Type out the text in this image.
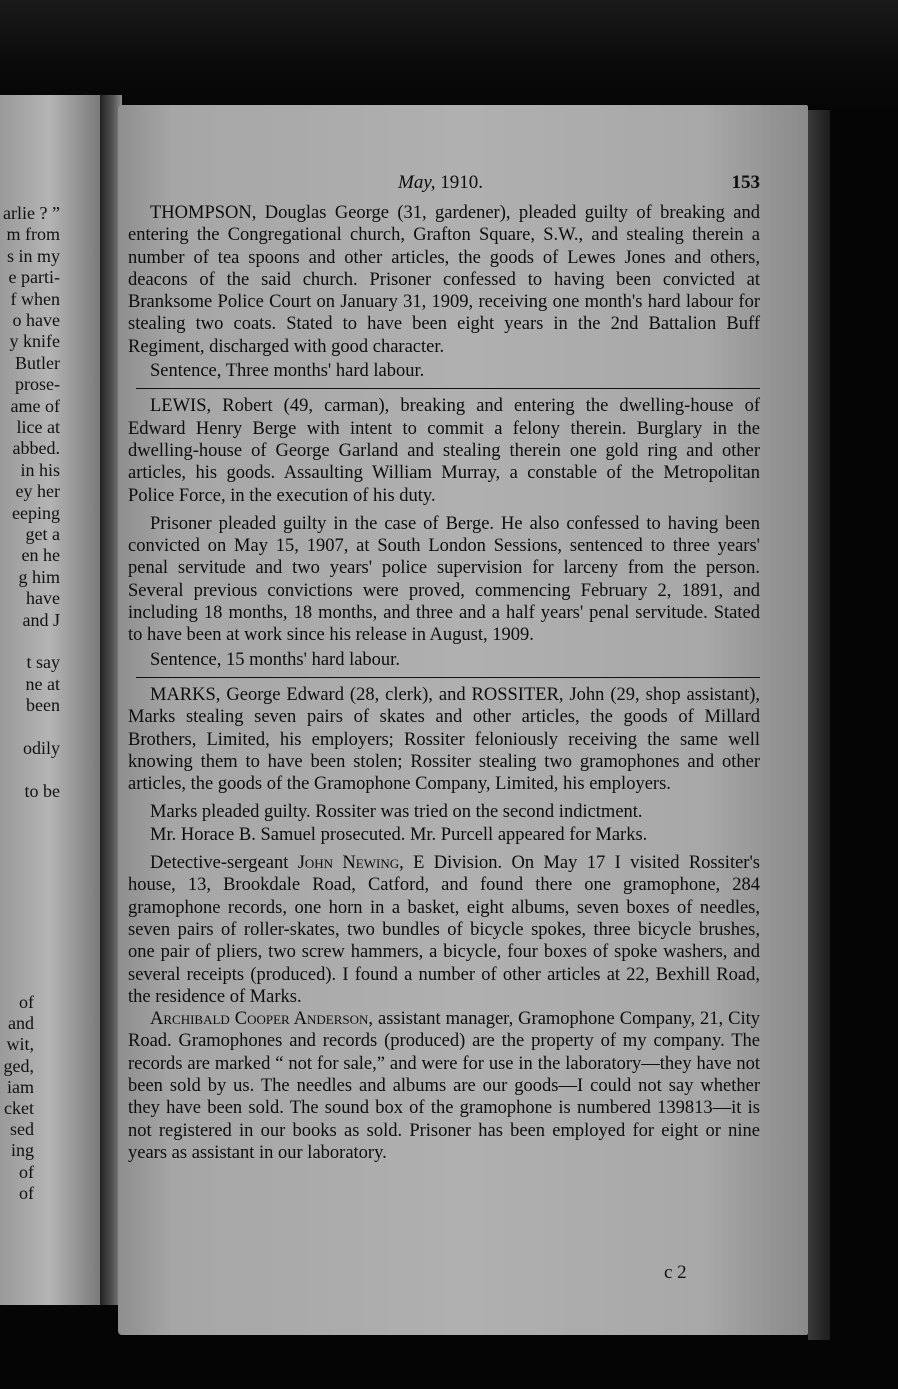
arlie ? ”
m from
s in my
e parti-
f when
o have
y knife
Butler
prose-
ame of
lice at
abbed.
in his
ey her
eeping
get a
en he
g him
have
and J
t say
ne at
been
odily
to be
of
and
wit,
ged,
iam
cket
sed
ing
of
of
May, 1910.	153

THOMPSON, Douglas George (31, gardener), pleaded guilty of breaking and entering the Congregational church, Grafton Square, S.W., and stealing therein a number of tea spoons and other articles, the goods of Lewes Jones and others, deacons of the said church. Prisoner confessed to having been convicted at Branksome Police Court on January 31, 1909, receiving one month's hard labour for stealing two coats. Stated to have been eight years in the 2nd Battalion Buff Regiment, discharged with good character.

Sentence, Three months' hard labour.

LEWIS, Robert (49, carman), breaking and entering the dwelling-house of Edward Henry Berge with intent to commit a felony therein. Burglary in the dwelling-house of George Garland and stealing therein one gold ring and other articles, his goods. Assaulting William Murray, a constable of the Metropolitan Police Force, in the execution of his duty.

Prisoner pleaded guilty in the case of Berge. He also confessed to having been convicted on May 15, 1907, at South London Sessions, sentenced to three years' penal servitude and two years' police supervision for larceny from the person. Several previous convictions were proved, commencing February 2, 1891, and including 18 months, 18 months, and three and a half years' penal servitude. Stated to have been at work since his release in August, 1909.

Sentence, 15 months' hard labour.

MARKS, George Edward (28, clerk), and ROSSITER, John (29, shop assistant), Marks stealing seven pairs of skates and other articles, the goods of Millard Brothers, Limited, his employers; Rossiter feloniously receiving the same well knowing them to have been stolen; Rossiter stealing two gramophones and other articles, the goods of the Gramophone Company, Limited, his employers.

Marks pleaded guilty. Rossiter was tried on the second indictment.

Mr. Horace B. Samuel prosecuted. Mr. Purcell appeared for Marks.

Detective-sergeant John Newing, E Division. On May 17 I visited Rossiter's house, 13, Brookdale Road, Catford, and found there one gramophone, 284 gramophone records, one horn in a basket, eight albums, seven boxes of needles, seven pairs of roller-skates, two bundles of bicycle spokes, three bicycle brushes, one pair of pliers, two screw hammers, a bicycle, four boxes of spoke washers, and several receipts (produced). I found a number of other articles at 22, Bexhill Road, the residence of Marks.

Archibald Cooper Anderson, assistant manager, Gramophone Company, 21, City Road. Gramophones and records (produced) are the property of my company. The records are marked “ not for sale,” and were for use in the laboratory—they have not been sold by us. The needles and albums are our goods—I could not say whether they have been sold. The sound box of the gramophone is numbered 139813—it is not registered in our books as sold. Prisoner has been employed for eight or nine years as assistant in our laboratory.

c 2
